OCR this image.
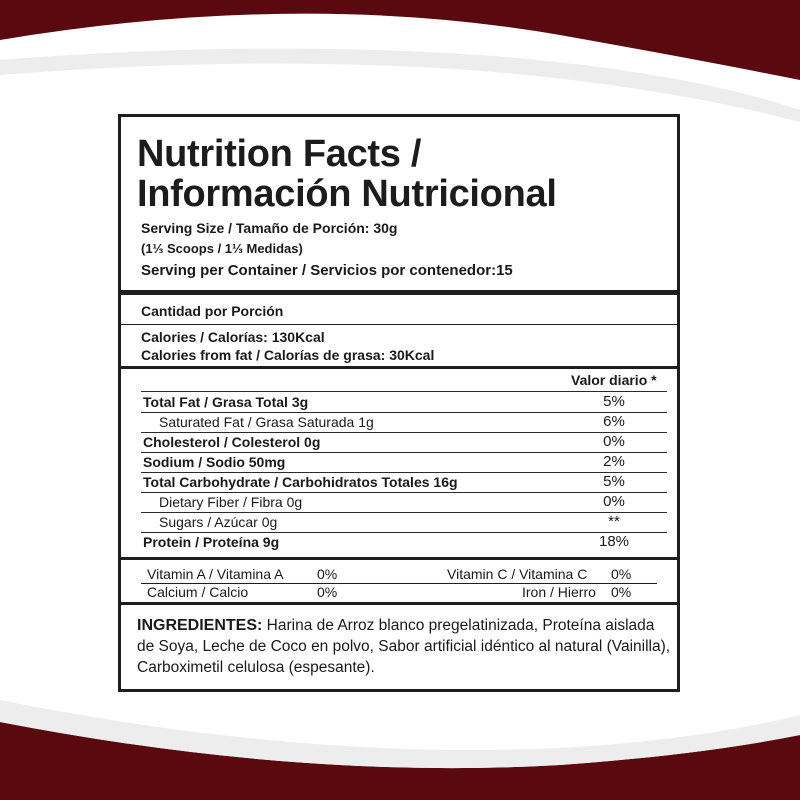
Nutrition Facts /
Información Nutricional
Serving Size / Tamaño de Porción: 30g
(1⅓ Scoops / 1⅓ Medidas)
Serving per Container / Servicios por contenedor:15
Cantidad por Porción
Calories / Calorías: 130Kcal
Calories from fat / Calorías de grasa: 30Kcal
Valor diario *
Total Fat / Grasa Total 3g	5%
Saturated Fat / Grasa Saturada 1g	6%
Cholesterol / Colesterol 0g	0%
Sodium / Sodio 50mg	2%
Total Carbohydrate / Carbohidratos Totales 16g	5%
Dietary Fiber / Fibra 0g	0%
Sugars / Azúcar 0g	**
Protein / Proteína 9g	18%
Vitamin A / Vitamina A 0%	Vitamin C / Vitamina C 0%
Calcium / Calcio	0%	Iron / Hierro 0%
INGREDIENTES: Harina de Arroz blanco pregelatinizada, Proteína aislada de Soya, Leche de Coco en polvo, Sabor artificial idéntico al natural (Vainilla), Carboximetil celulosa (espesante).
